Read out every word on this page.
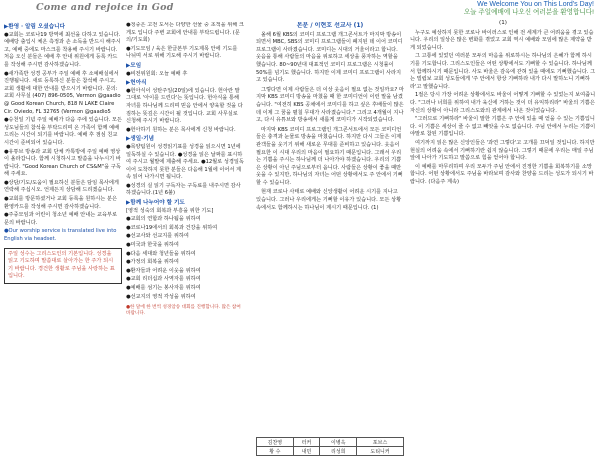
Come and rejoice in God	We Welcome You on This Lord's Day!
오늘 주일예배에 나오신 여러분을 환영합니다!
▶환영 · 알림 오셨습니다
●교회는 코로나19 방역에 최선을 다하고 있습니다. 예배당 출입시 체온 측정과 손 소독을 반드시 해주시고, 예배 중에도 마스크를 착용해 주시기 바랍니다. 처음 오신 분들은 예배 후 안내 위원에게 등록 카드를 작성해 주시면 감사하겠습니다.
●새가족반 성경 공부가 주일 예배 후 소예배실에서 진행됩니다. 새로 등록하신 분들은 참석해 주시고, 교회 생활에 대한 안내를 받으시기 바랍니다. 문의: 교회 사무실 (407) 896-0505, Vermon @gaadio @ Good Korean Church, 818 N LAKE Claire Cir. Oviedo, FL 32765 (Vermon @gaadio5
●승천일 기념 주일 예배가 다음 주에 있습니다. 모든 성도님들의 참석을 부탁드리며 온 가족이 함께 예배드리는 시간이 되기를 바랍니다. 예배 후 점심 친교 시간이 준비되어 있습니다.
●유튜브 방송과 교회 단체 카톡방에 주일 예배 영상이 올라갑니다. 함께 시청하시고 말씀을 나누시기 바랍니다. "Good Korean Church of CS&M"을 구독해 주세요.
●상담/기도/도움이 필요하신 분들은 담임 목사에게 연락해 주십시오. 언제든지 상담해 드리겠습니다.
●교회를 방문하셨거나 교회 등록을 원하시는 분은 환영카드를 작성해 주시면 감사하겠습니다.
●주중모임과 어린이 청소년 예배 안내는 교육부로 문의 바랍니다.
●Our worship service is translated live into English via headset.
주일 성수는 그리스도인의 기본입니다. 성경을 읽고 기도하며 말씀대로 살아가는 한 주가 되시기 바랍니다. 경건한 생활로 주님을 사랑하는 표입니다.
●청중은 고전 도서는 다양한 선물 중 초적을 위해 크게도 입니다 주변 교회에 안내를 부탁드립니다. (문의/기도회)
●기도모임 / 육은 한글본부 기도제목 안에 기도를 나뉘며 서로 위해 기도해 주시기 바랍니다.
▶모임
●비전위원회: 오늘 예배 후
▶헌아식
●헌아식이 성탄주일(20일)에 있습니다. 헌아란 말 그대로 '아이를 드린다'는 뜻입니다. 헌아식을 통해 자녀를 하나님께 드리며 믿음 안에서 양육할 것을 다짐하는 뜻깊은 시간이 될 것입니다. 교회 사무실로 신청해 주시기 바랍니다.
●헌아하기 원하는 분은 목사에게 신청 바랍니다.
▶생일·기념
●목양팀원이 성경읽기표를 성경을 읽으시면 1년에 일독하실 수 있습니다. ●성경을 읽은 날짜를 표시하여 주시고 월말에 제출해 주세요. ●12월로 성경일독 이어 도착하지 못한 분들은 다음해 1월에 이어서 계속 읽어 나가시면 됩니다.
●성경의 실 읽기 구독자는 구독료를 내주시면 감사하겠습니다.(1년 6불)
▶함께 나누어야 할 기도
[영적 성숙의 회복과 부흥을 위한 기도]
●교회의 연합과 하나됨을 위하여
●코로나19에서의 회복과 건강을 위하여
●선교사와 선교지를 위하여
●미국과 한국을 위하여
●다음 세대와 청년들을 위하여
●가정의 회복을 위하여
●환자들과 어려운 이웃을 위하여
●교회 리더십과 사역자를 위하여
●예배를 섬기는 봉사자를 위하여
●선교지의 영적 각성을 위하여
●한 달에 한 번씩 성경암송 대회를 진행합니다. 많은 참여 바랍니다.
본문 / 이현호 선교사 (1)

올해 6월 KBS의 코미디 프로그램 개그콘서트가 마지막 방송이 되면서 MBC, SBS의 코미디 프로그램들이 폐지된 데 이어 코미디 프로그램이 사라졌습니다. 코미디는 시대의 거울이라고 합니다. 웃음을 통해 사람들의 마음을 위로하고 세상을 풍자하는 역할을 했습니다. 80~90년대 대표적인 코미디 프로그램은 시청률이 50%를 넘기도 했습니다. 하지만 이제 코미디 프로그램이 사라지고 있습니다.

그렇다면 이제 사람들은 더 이상 웃음이 필요 없는 것일까요? 마지막 KBS 코미디 방송을 마쳤을 때 한 코미디언이 이런 말을 남겼습니다. "여전히 KBS 공채에서 코미디를 하고 싶은 후배들이 많은데 이제 그 꿈을 펼칠 무대가 사라졌습니다." 그리고 4개월이 지나고, 다시 유튜브와 방송에서 새롭게 코미디가 시작되었습니다.

마지막 KBS 코미디 프로그램인 개그콘서트에서 모든 코미디언들은 충격과 눈물로 방송을 마쳤습니다. 하지만 다시 그들은 이제 관객들을 웃기기 위해 새로운 무대를 준비하고 있습니다. 웃음이 필요한 이 시대 우리의 마음이 필요하기 때문입니다. 그래서 우리는 기쁨을 주시는 하나님께 더 나아가야 하겠습니다. 우리의 기쁨은 상황이 아닌 주님으로부터 옵니다. 사람들은 상황이 좋을 때만 웃을 수 있지만, 하나님의 자녀는 어떤 상황에서도 주 안에서 기뻐할 수 있습니다.

현재 코로나 사태로 예배와 신앙생활이 어려운 시기를 지나고 있습니다. 그러나 우리에게는 기뻐할 이유가 있습니다. 모든 상황 속에서도 함께하시는 하나님이 계시기 때문입니다. (1)

김찬영	터커	이병옥	포브스
황 수	내민	리성희	도티니커
(1)

누구도 예상하지 못한 코로나 바이러스로 인해 전 세계가 큰 어려움을 겪고 있습니다. 우리의 일상은 많은 변화를 겪었고 교회 역시 예배와 모임에 많은 제약을 받게 되었습니다.

그 고통에 있었던 여러분 모두의 마음을 위로하시는 하나님의 은혜가 함께 하시기를 기도합니다. 그리스도인들은 어떤 상황에서도 기뻐할 수 있습니다. 하나님께서 함께하시기 때문입니다. 사도 바울은 감옥에 갇혀 있을 때에도 기뻐했습니다. 그는 빌립보 교회 성도들에게 '주 안에서 항상 기뻐하라 내가 다시 말하노니 기뻐하라'고 말했습니다.

1절은 당시 가장 어려운 상황에서도 바울이 어떻게 기뻐할 수 있었는지 보여줍니다. "그러나 너희를 위하여 내가 육신에 거하는 것이 더 유익하리라" 바울의 기쁨은 자신의 상황이 아니라 그리스도와의 관계에서 나온 것이었습니다.

"그러므로 기뻐하라" 바울이 말한 기쁨은 주 안에 있을 때 얻을 수 있는 기쁨입니다. 이 기쁨은 세상이 줄 수 없고 빼앗을 수도 없습니다. 주님 안에서 누리는 기쁨이야말로 참된 기쁨입니다.

여기까지 읽은 많은 신앙인들은 '과연 그렇다'고 고개를 끄덕일 것입니다. 하지만 현실의 어려움 속에서 기뻐하기란 쉽지 않습니다. 그렇기 때문에 우리는 매일 주님 앞에 나아가 기도하고 말씀으로 힘을 얻어야 합니다.

이 예배를 마무리하며 우리 모두가 주님 안에서 진정한 기쁨을 회복하기를 소망합니다. 어떤 상황에서도 주님을 바라보며 감사와 찬양을 드리는 성도가 되시기 바랍니다. (다음주 계속)
